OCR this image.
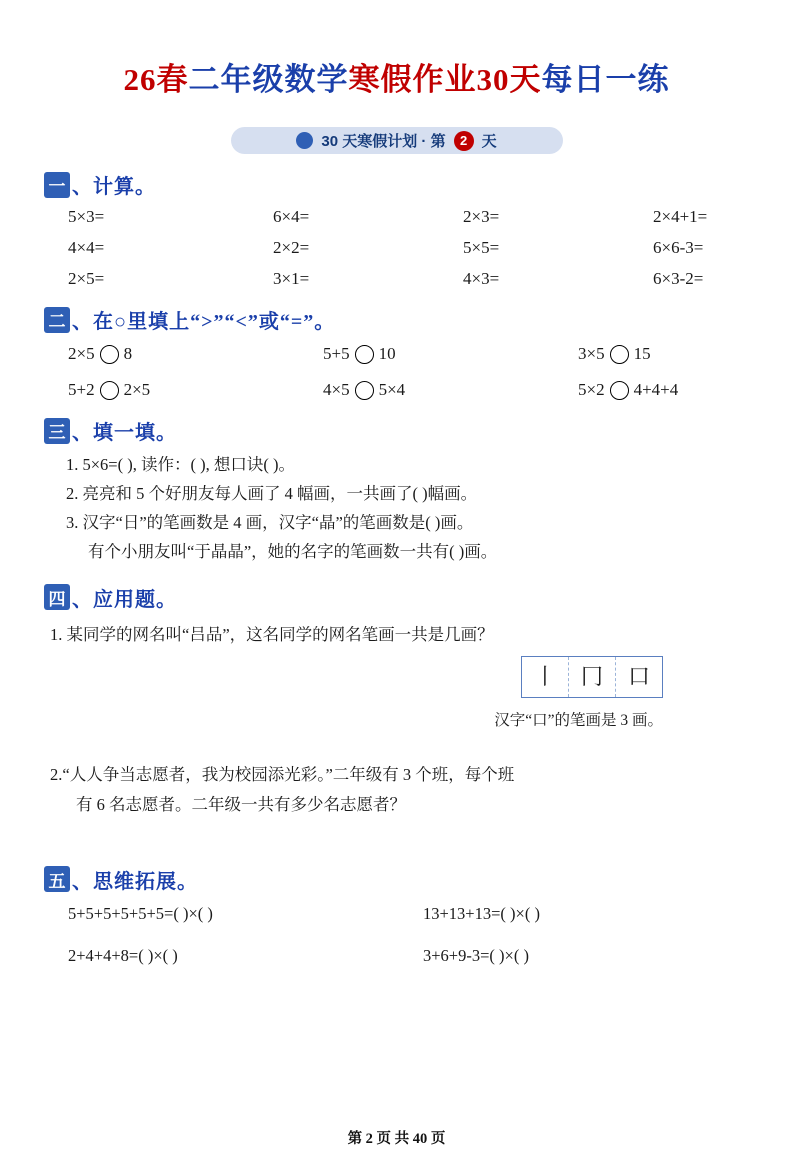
26春二年级数学寒假作业30天每日一练
30 天寒假计划 · 第	2 天
一 、计算。
5×3=	6×4=	2×3=	2×4+1=
4×4=	2×2=	5×5=	6×6-3=
2×5=	3×1=	4×3=	6×3-2=
二 、在○里填上“>”“<”或“=”。
2×5 8	5+5 10	3×5 15
5+2 2×5	4×5 5×4	5×2 4+4+4
三 、填一填。
1. 5×6=( ), 读作：( ), 想口诀( )。
2. 亮亮和 5 个好朋友每人画了 4 幅画，一共画了( )幅画。
3. 汉字“日”的笔画数是 4 画，汉字“晶”的笔画数是( )画。
有个小朋友叫“于晶晶”，她的名字的笔画数一共有( )画。
四 、应用题。
1. 某同学的网名叫“吕品”，这名同学的网名笔画一共是几画？
丨	冂	口
汉字“口”的笔画是 3 画。
2.“人人争当志愿者，我为校园添光彩。”二年级有 3 个班，每个班
有 6 名志愿者。二年级一共有多少名志愿者？
五 、思维拓展。
5+5+5+5+5+5=( )×( )	13+13+13=( )×( )
2+4+4+8=( )×( )	3+6+9-3=( )×( )
第 2 页 共 40 页
